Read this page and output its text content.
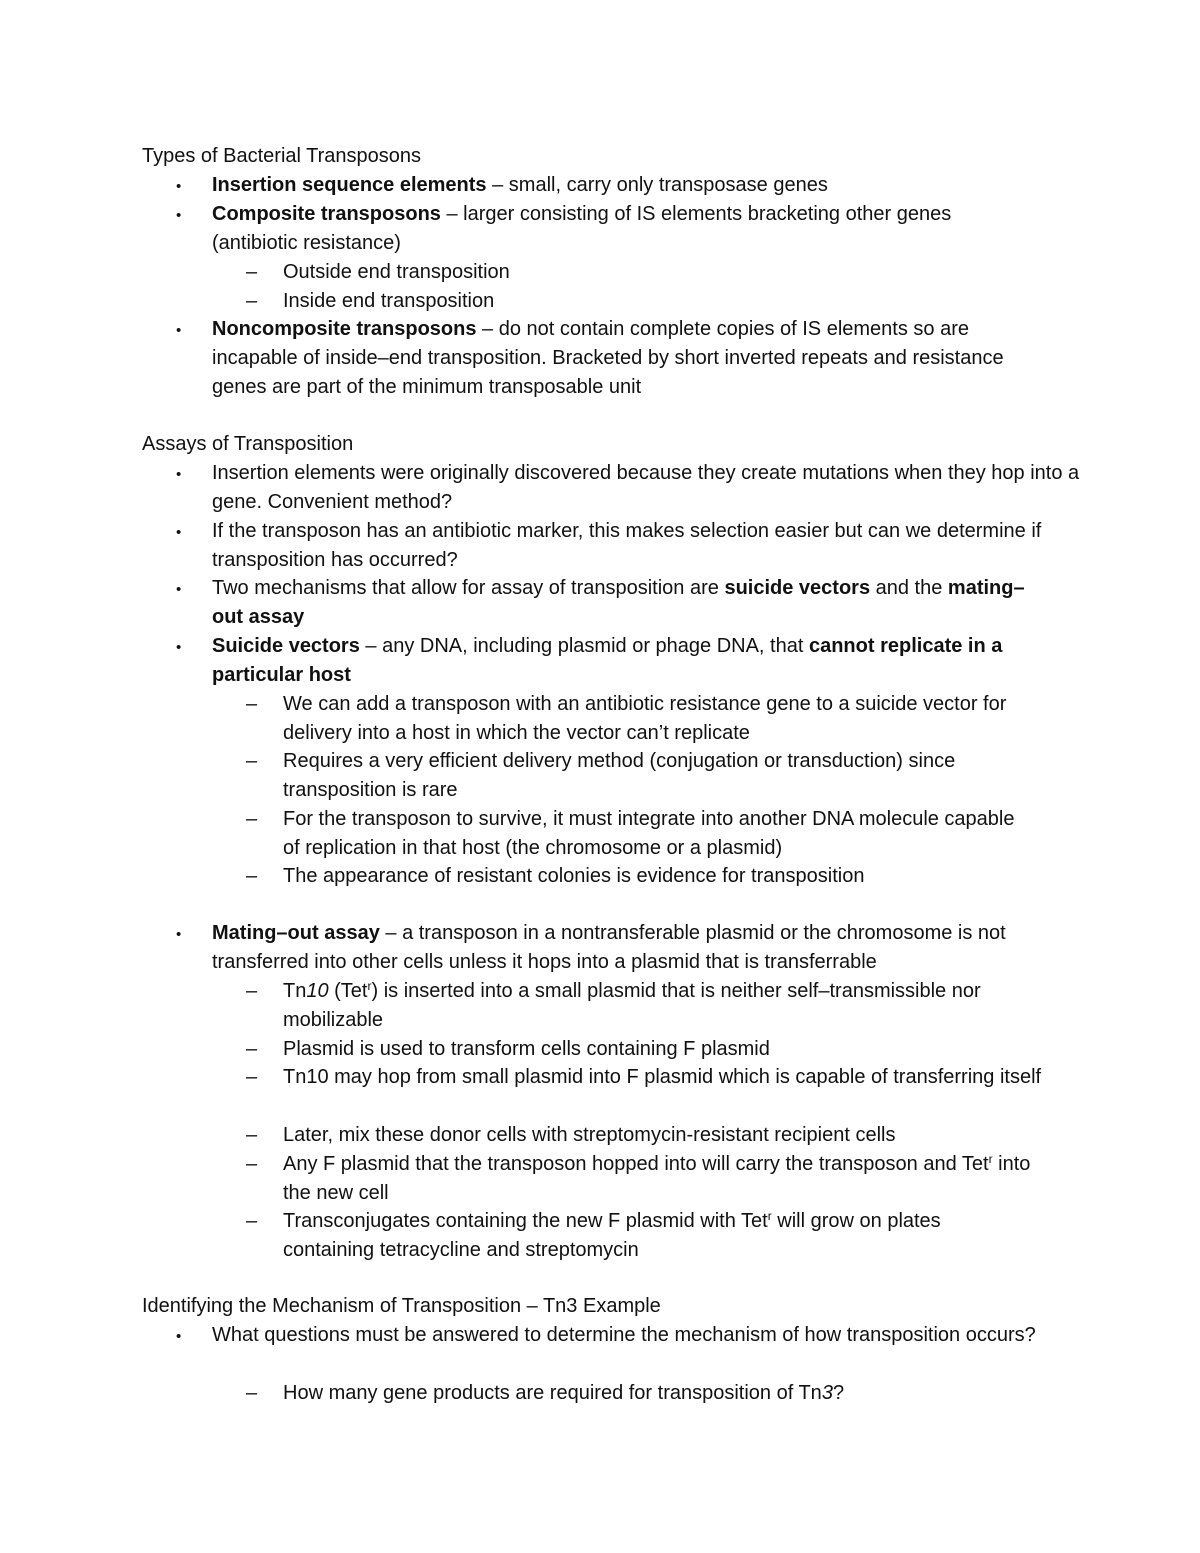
Types of Bacterial Transposons
• Insertion sequence elements – small, carry only transposase genes
• Composite transposons – larger consisting of IS elements bracketing other genes (antibiotic resistance)
– Outside end transposition
– Inside end transposition
• Noncomposite transposons – do not contain complete copies of IS elements so are incapable of inside–end transposition. Bracketed by short inverted repeats and resistance genes are part of the minimum transposable unit
Assays of Transposition
• Insertion elements were originally discovered because they create mutations when they hop into a gene. Convenient method?
• If the transposon has an antibiotic marker, this makes selection easier but can we determine if transposition has occurred?
• Two mechanisms that allow for assay of transposition are suicide vectors and the mating–out assay
• Suicide vectors – any DNA, including plasmid or phage DNA, that cannot replicate in a particular host
– We can add a transposon with an antibiotic resistance gene to a suicide vector for delivery into a host in which the vector can’t replicate
– Requires a very efficient delivery method (conjugation or transduction) since transposition is rare
– For the transposon to survive, it must integrate into another DNA molecule capable of replication in that host (the chromosome or a plasmid)
– The appearance of resistant colonies is evidence for transposition
• Mating–out assay – a transposon in a nontransferable plasmid or the chromosome is not transferred into other cells unless it hops into a plasmid that is transferrable
– Tn10 (Tet$^r$) is inserted into a small plasmid that is neither self–transmissible nor mobilizable
– Plasmid is used to transform cells containing F plasmid
– Tn10 may hop from small plasmid into F plasmid which is capable of transferring itself
– Later, mix these donor cells with streptomycin-resistant recipient cells
– Any F plasmid that the transposon hopped into will carry the transposon and Tet$^r$ into the new cell
– Transconjugates containing the new F plasmid with Tet$^r$ will grow on plates containing tetracycline and streptomycin
Identifying the Mechanism of Transposition – Tn3 Example
• What questions must be answered to determine the mechanism of how transposition occurs?
– How many gene products are required for transposition of Tn3?
